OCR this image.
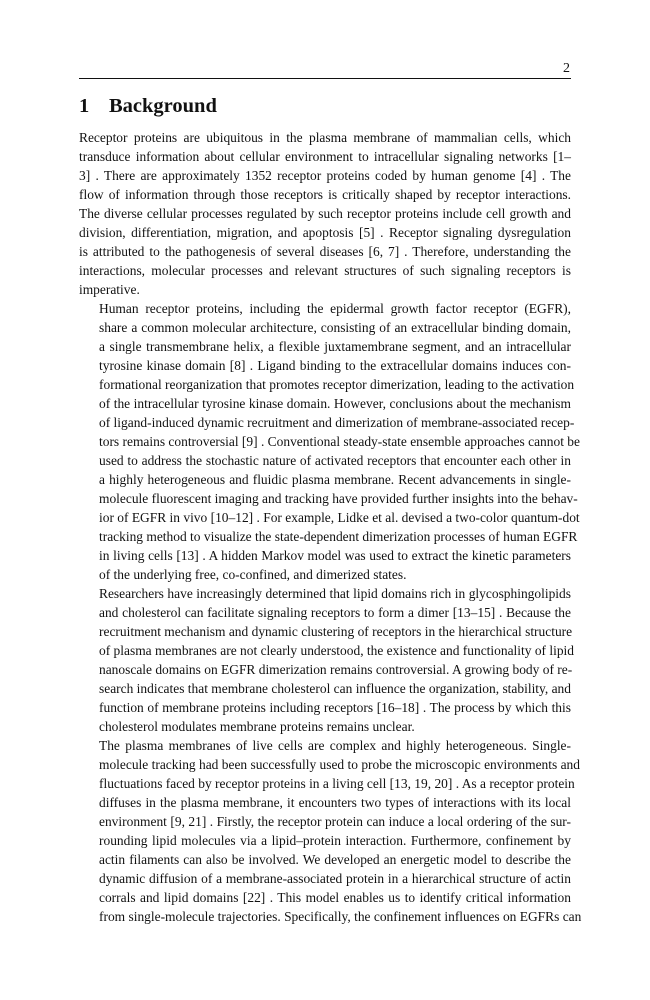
2
1 Background

Receptor proteins are ubiquitous in the plasma membrane of mammalian cells, which
transduce information about cellular environment to intracellular signaling networks [1–
3] . There are approximately 1352 receptor proteins coded by human genome [4] . The
flow of information through those receptors is critically shaped by receptor interactions.
The diverse cellular processes regulated by such receptor proteins include cell growth and
division, differentiation, migration, and apoptosis [5] . Receptor signaling dysregulation
is attributed to the pathogenesis of several diseases [6, 7] . Therefore, understanding the
interactions, molecular processes and relevant structures of such signaling receptors is
imperative.

Human receptor proteins, including the epidermal growth factor receptor (EGFR),
share a common molecular architecture, consisting of an extracellular binding domain,
a single transmembrane helix, a flexible juxtamembrane segment, and an intracellular
tyrosine kinase domain [8] . Ligand binding to the extracellular domains induces con-
formational reorganization that promotes receptor dimerization, leading to the activation
of the intracellular tyrosine kinase domain. However, conclusions about the mechanism
of ligand-induced dynamic recruitment and dimerization of membrane-associated recep-
tors remains controversial [9] . Conventional steady-state ensemble approaches cannot be
used to address the stochastic nature of activated receptors that encounter each other in
a highly heterogeneous and fluidic plasma membrane. Recent advancements in single-
molecule fluorescent imaging and tracking have provided further insights into the behav-
ior of EGFR in vivo [10–12] . For example, Lidke et al. devised a two-color quantum-dot
tracking method to visualize the state-dependent dimerization processes of human EGFR
in living cells [13] . A hidden Markov model was used to extract the kinetic parameters
of the underlying free, co-confined, and dimerized states.

Researchers have increasingly determined that lipid domains rich in glycosphingolipids
and cholesterol can facilitate signaling receptors to form a dimer [13–15] . Because the
recruitment mechanism and dynamic clustering of receptors in the hierarchical structure
of plasma membranes are not clearly understood, the existence and functionality of lipid
nanoscale domains on EGFR dimerization remains controversial. A growing body of re-
search indicates that membrane cholesterol can influence the organization, stability, and
function of membrane proteins including receptors [16–18] . The process by which this
cholesterol modulates membrane proteins remains unclear.

The plasma membranes of live cells are complex and highly heterogeneous. Single-
molecule tracking had been successfully used to probe the microscopic environments and
fluctuations faced by receptor proteins in a living cell [13, 19, 20] . As a receptor protein
diffuses in the plasma membrane, it encounters two types of interactions with its local
environment [9, 21] . Firstly, the receptor protein can induce a local ordering of the sur-
rounding lipid molecules via a lipid–protein interaction. Furthermore, confinement by
actin filaments can also be involved. We developed an energetic model to describe the
dynamic diffusion of a membrane-associated protein in a hierarchical structure of actin
corrals and lipid domains [22] . This model enables us to identify critical information
from single-molecule trajectories. Specifically, the confinement influences on EGFRs can
